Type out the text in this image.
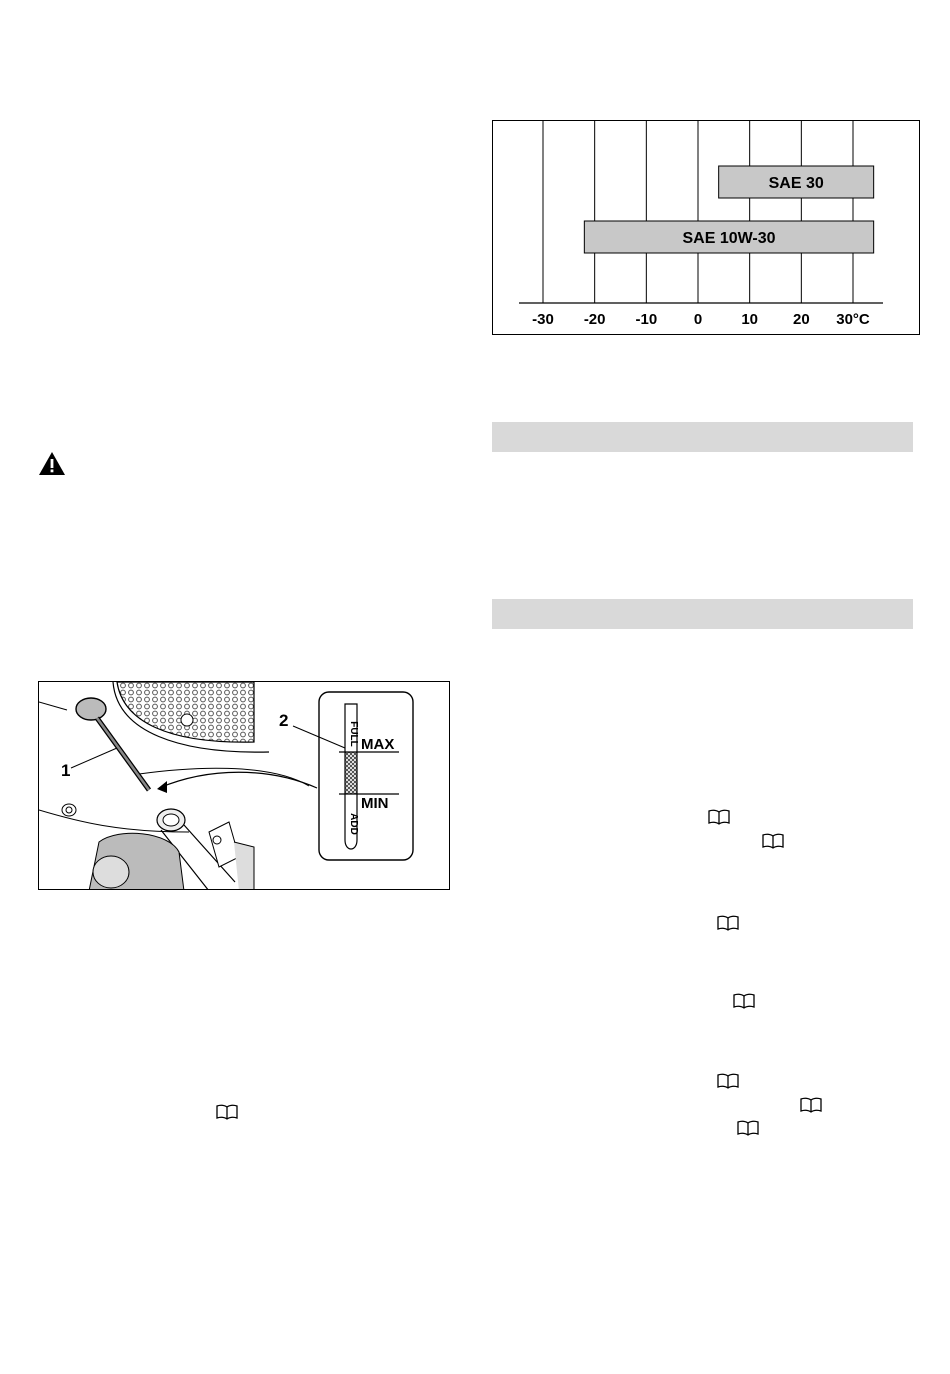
FULL
ADD
MAX
MIN
1
2
-30 -20 -10 0	10 20 30°C
SAE 30
SAE 10W-30
